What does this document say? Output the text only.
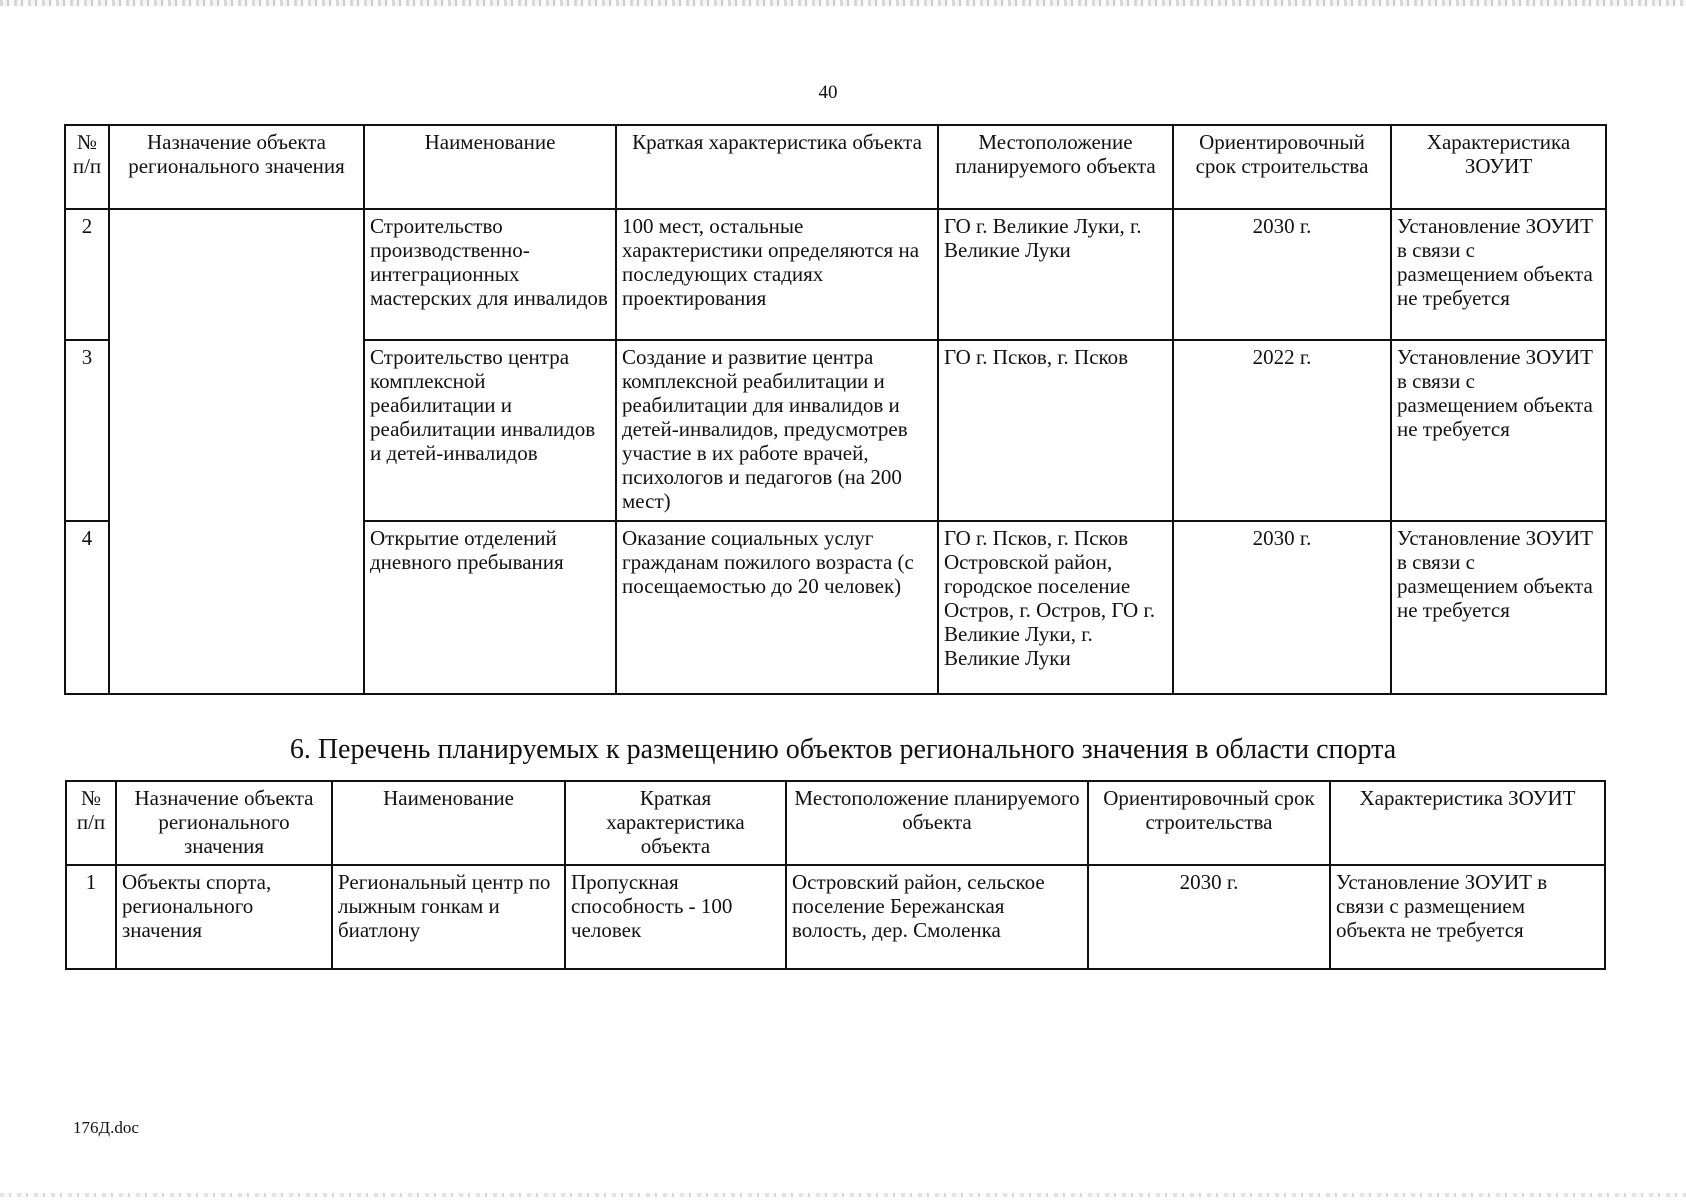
40
№ п/п	Назначение объекта регионального значения	Наименование	Краткая характеристика объекта	Местоположение планируемого объекта	Ориентировочный срок строительства	Характеристика ЗОУИТ
2		Строительство производственно-интеграционных мастерских для инвалидов	100 мест, остальные характеристики определяются на последующих стадиях проектирования	ГО г. Великие Луки, г. Великие Луки	2030 г.	Установление ЗОУИТ в связи с размещением объекта не требуется
3		Строительство центра комплексной реабилитации и реабилитации инвалидов и детей-инвалидов	Создание и развитие центра комплексной реабилитации и реабилитации для инвалидов и детей-инвалидов, предусмотрев участие в их работе врачей, психологов и педагогов (на 200 мест)	ГО г. Псков, г. Псков	2022 г.	Установление ЗОУИТ в связи с размещением объекта не требуется
4		Открытие отделений дневного пребывания	Оказание социальных услуг гражданам пожилого возраста (с посещаемостью до 20 человек)	ГО г. Псков, г. Псков Островской район, городское поселение Остров, г. Остров, ГО г. Великие Луки, г. Великие Луки	2030 г.	Установление ЗОУИТ в связи с размещением объекта не требуется
6. Перечень планируемых к размещению объектов регионального значения в области спорта
№ п/п	Назначение объекта регионального значения	Наименование	Краткая характеристика объекта	Местоположение планируемого объекта	Ориентировочный срок строительства	Характеристика ЗОУИТ
1	Объекты спорта, регионального значения	Региональный центр по лыжным гонкам и биатлону	Пропускная способность - 100 человек	Островский район, сельское поселение Бережанская волость, дер. Смоленка	2030 г.	Установление ЗОУИТ в связи с размещением объекта не требуется
176Д.doc
